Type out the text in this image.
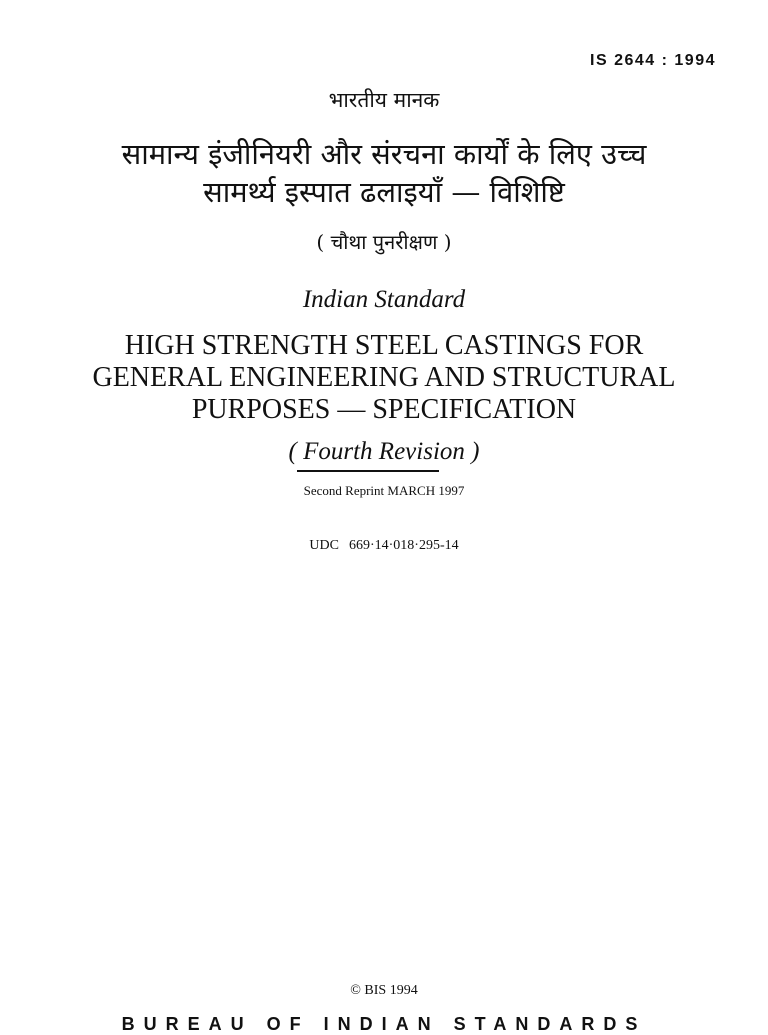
IS 2644 : 1994
भारतीय मानक
सामान्य इंजीनियरी और संरचना कार्यों के लिए उच्च
सामर्थ्य इस्पात ढलाइयाँ — विशिष्टि
( चौथा पुनरीक्षण )
Indian Standard
HIGH STRENGTH STEEL CASTINGS FOR
GENERAL ENGINEERING AND STRUCTURAL
PURPOSES — SPECIFICATION
( Fourth Revision )
Second Reprint MARCH 1997
UDC 669·14·018·295-14
© BIS 1994
BUREAU OF INDIAN STANDARDS
